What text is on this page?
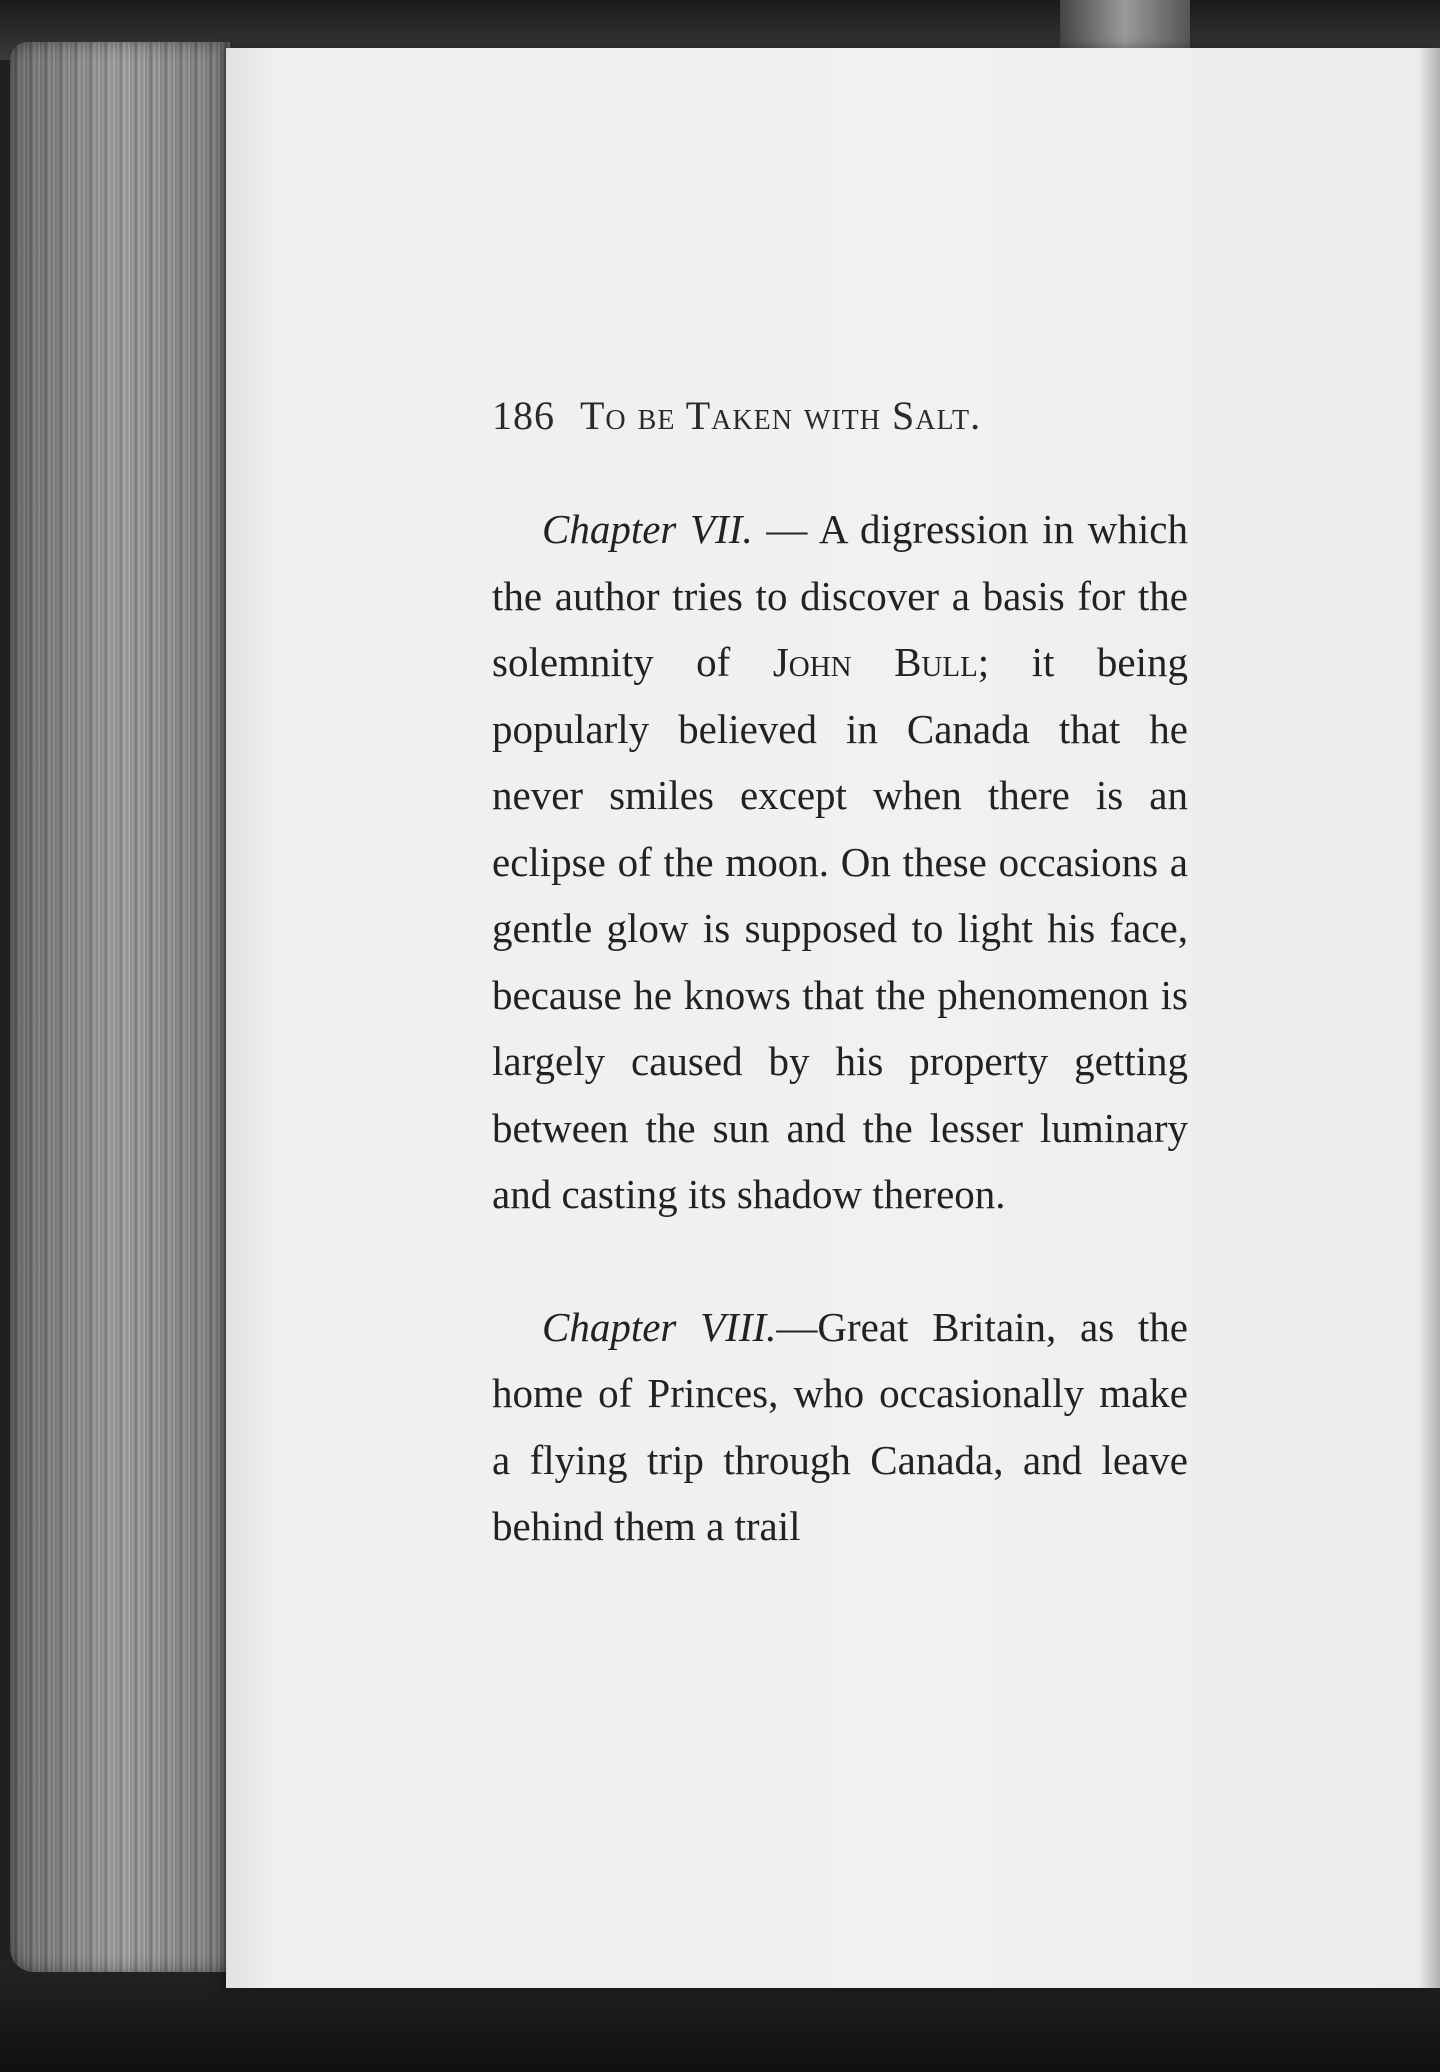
186 To be Taken with Salt.

Chapter VII. — A digression in which the author tries to discover a basis for the solemnity of John Bull; it being popularly believed in Canada that he never smiles except when there is an eclipse of the moon. On these occasions a gentle glow is supposed to light his face, because he knows that the phenomenon is largely caused by his property getting between the sun and the lesser luminary and casting its shadow thereon.

Chapter VIII.—Great Britain, as the home of Princes, who occasionally make a flying trip through Canada, and leave behind them a trail
